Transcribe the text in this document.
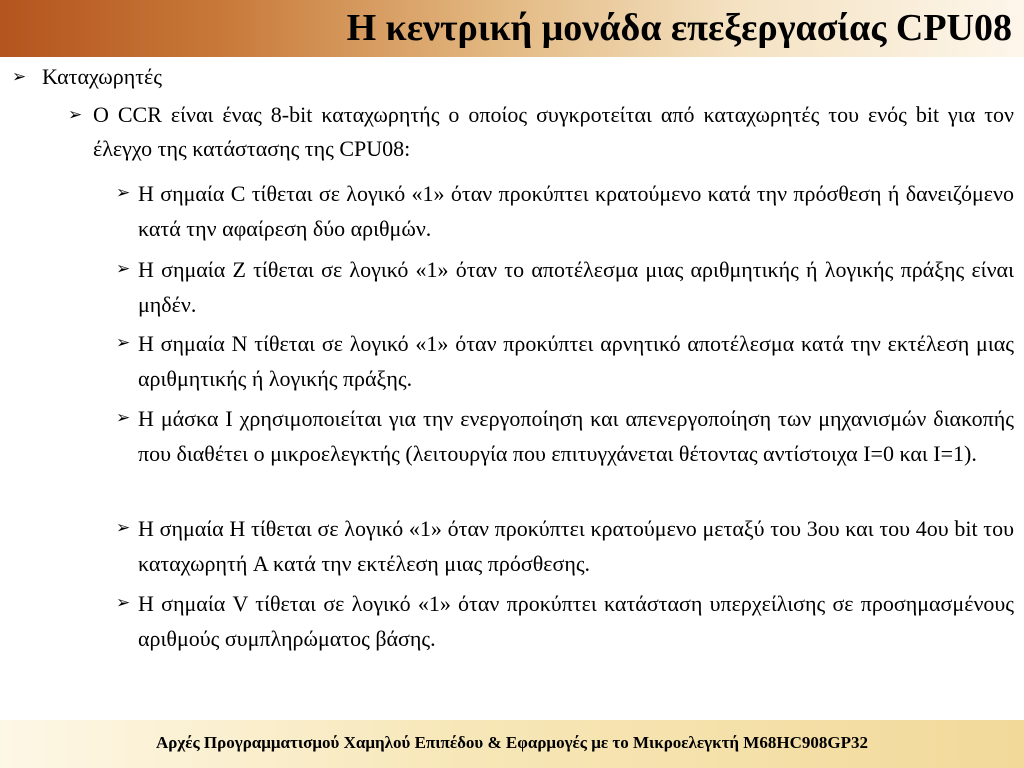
Η κεντρική μονάδα επεξεργασίας CPU08
➢ Καταχωρητές
➢ O CCR είναι ένας 8-bit καταχωρητής ο οποίος συγκροτείται από καταχωρητές του ενός bit για τον έλεγχο της κατάστασης της CPU08:
➢ Η σημαία C τίθεται σε λογικό «1» όταν προκύπτει κρατούμενο κατά την πρόσθεση ή δανειζόμενο κατά την αφαίρεση δύο αριθμών.
➢ Η σημαία Z τίθεται σε λογικό «1» όταν το αποτέλεσμα μιας αριθμητικής ή λογικής πράξης είναι μηδέν.
➢ Η σημαία N τίθεται σε λογικό «1» όταν προκύπτει αρνητικό αποτέλεσμα κατά την εκτέλεση μιας αριθμητικής ή λογικής πράξης.
➢ Η μάσκα I χρησιμοποιείται για την ενεργοποίηση και απενεργοποίηση των μηχανισμών διακοπής που διαθέτει ο μικροελεγκτής (λειτουργία που επιτυγχάνεται θέτοντας αντίστοιχα I=0 και I=1).
➢ Η σημαία H τίθεται σε λογικό «1» όταν προκύπτει κρατούμενο μεταξύ του 3ου και του 4ου bit του καταχωρητή A κατά την εκτέλεση μιας πρόσθεσης.
➢ Η σημαία V τίθεται σε λογικό «1» όταν προκύπτει κατάσταση υπερχείλισης σε προσημασμένους αριθμούς συμπληρώματος βάσης.
Αρχές Προγραμματισμού Χαμηλού Επιπέδου & Εφαρμογές με το Μικροελεγκτή M68HC908GP32
